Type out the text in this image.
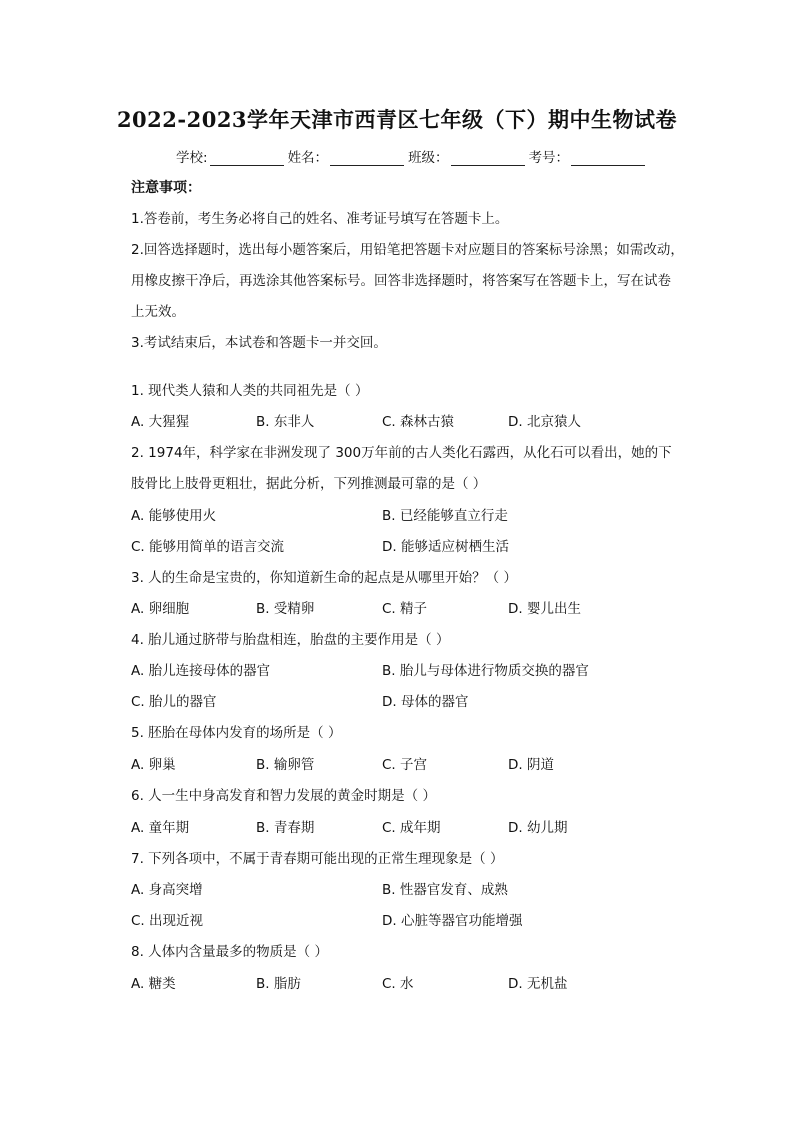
2022-2023学年天津市西青区七年级（下）期中生物试卷
学校:	姓名：	班级：	考号：
注意事项：
1.答卷前，考生务必将自己的姓名、准考证号填写在答题卡上。
2.回答选择题时，选出每小题答案后，用铅笔把答题卡对应题目的答案标号涂黑；如需改动，
用橡皮擦干净后，再选涂其他答案标号。回答非选择题时，将答案写在答题卡上，写在试卷
上无效。
3.考试结束后，本试卷和答题卡一并交回。
1. 现代类人猿和人类的共同祖先是（ ）
A. 大猩猩	B. 东非人	C. 森林古猿	D. 北京猿人
2. 1974年，科学家在非洲发现了 300万年前的古人类化石露西，从化石可以看出，她的下
肢骨比上肢骨更粗壮，据此分析，下列推测最可靠的是（ ）
A. 能够使用火	B. 已经能够直立行走
C. 能够用简单的语言交流	D. 能够适应树栖生活
3. 人的生命是宝贵的，你知道新生命的起点是从哪里开始？（ ）
A. 卵细胞	B. 受精卵	C. 精子	D. 婴儿出生
4. 胎儿通过脐带与胎盘相连，胎盘的主要作用是（ ）
A. 胎儿连接母体的器官	B. 胎儿与母体进行物质交换的器官
C. 胎儿的器官	D. 母体的器官
5. 胚胎在母体内发育的场所是（ ）
A. 卵巢	B. 输卵管	C. 子宫	D. 阴道
6. 人一生中身高发育和智力发展的黄金时期是（ ）
A. 童年期	B. 青春期	C. 成年期	D. 幼儿期
7. 下列各项中，不属于青春期可能出现的正常生理现象是（ ）
A. 身高突增	B. 性器官发育、成熟
C. 出现近视	D. 心脏等器官功能增强
8. 人体内含量最多的物质是（ ）
A. 糖类	B. 脂肪	C. 水	D. 无机盐
